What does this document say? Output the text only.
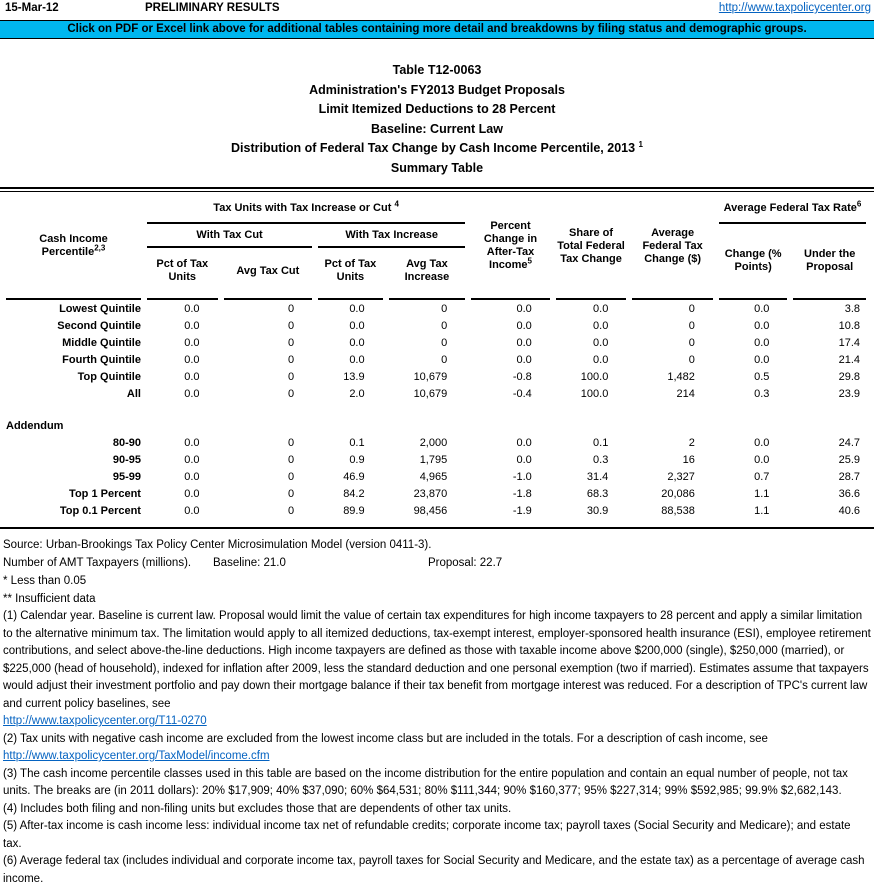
15-Mar-12	PRELIMINARY RESULTS	http://www.taxpolicycenter.org
Click on PDF or Excel link above for additional tables containing more detail and breakdowns by filing status and demographic groups.
Table T12-0063
Administration's FY2013 Budget Proposals
Limit Itemized Deductions to 28 Percent
Baseline: Current Law
Distribution of Federal Tax Change by Cash Income Percentile, 2013 $^1$
Summary Table
Cash Income
Percentile$^{2,3}$	Tax Units with Tax Increase or Cut $^4$				Percent Change in After-Tax Income$^5$	Share of Total Federal Tax Change	Average Federal Tax Change ($)	Average Federal Tax Rate$^6$
	With Tax Cut		With Tax Increase					Change (% Points)	Under the Proposal
	Pct of Tax Units	Avg Tax Cut	Pct of Tax Units	Avg Tax Increase					
Lowest Quintile	0.0	0	0.0	0	0.0	0.0	0	0.0	3.8
Second Quintile	0.0	0	0.0	0	0.0	0.0	0	0.0	10.8
Middle Quintile	0.0	0	0.0	0	0.0	0.0	0	0.0	17.4
Fourth Quintile	0.0	0	0.0	0	0.0	0.0	0	0.0	21.4
Top Quintile	0.0	0	13.9	10,679	-0.8	100.0	1,482	0.5	29.8
All	0.0	0	2.0	10,679	-0.4	100.0	214	0.3	23.9

Addendum									
80-90	0.0	0	0.1	2,000	0.0	0.1	2	0.0	24.7
90-95	0.0	0	0.9	1,795	0.0	0.3	16	0.0	25.9
95-99	0.0	0	46.9	4,965	-1.0	31.4	2,327	0.7	28.7
Top 1 Percent	0.0	0	84.2	23,870	-1.8	68.3	20,086	1.1	36.6
Top 0.1 Percent	0.0	0	89.9	98,456	-1.9	30.9	88,538	1.1	40.6
Source: Urban-Brookings Tax Policy Center Microsimulation Model (version 0411-3).
Number of AMT Taxpayers (millions). Baseline: 21.0	Proposal: 22.7
* Less than 0.05
** Insufficient data
(1) Calendar year. Baseline is current law. Proposal would limit the value of certain tax expenditures for high income taxpayers to 28 percent and apply a similar limitation to the alternative minimum tax. The limitation would apply to all itemized deductions, tax-exempt interest, employer-sponsored health insurance (ESI), employee retirement contributions, and select above-the-line deductions. High income taxpayers are defined as those with taxable income above $200,000 (single), $250,000 (married), or $225,000 (head of household), indexed for inflation after 2009, less the standard deduction and one personal exemption (two if married). Estimates assume that taxpayers would adjust their investment portfolio and pay down their mortgage balance if their tax benefit from mortgage interest was reduced. For a description of TPC's current law and current policy baselines, see
http://www.taxpolicycenter.org/T11-0270
(2) Tax units with negative cash income are excluded from the lowest income class but are included in the totals. For a description of cash income, see
http://www.taxpolicycenter.org/TaxModel/income.cfm
(3) The cash income percentile classes used in this table are based on the income distribution for the entire population and contain an equal number of people, not tax units. The breaks are (in 2011 dollars): 20% $17,909; 40% $37,090; 60% $64,531; 80% $111,344; 90% $160,377; 95% $227,314; 99% $592,985; 99.9% $2,682,143.
(4) Includes both filing and non-filing units but excludes those that are dependents of other tax units.
(5) After-tax income is cash income less: individual income tax net of refundable credits; corporate income tax; payroll taxes (Social Security and Medicare); and estate tax.
(6) Average federal tax (includes individual and corporate income tax, payroll taxes for Social Security and Medicare, and the estate tax) as a percentage of average cash income.
